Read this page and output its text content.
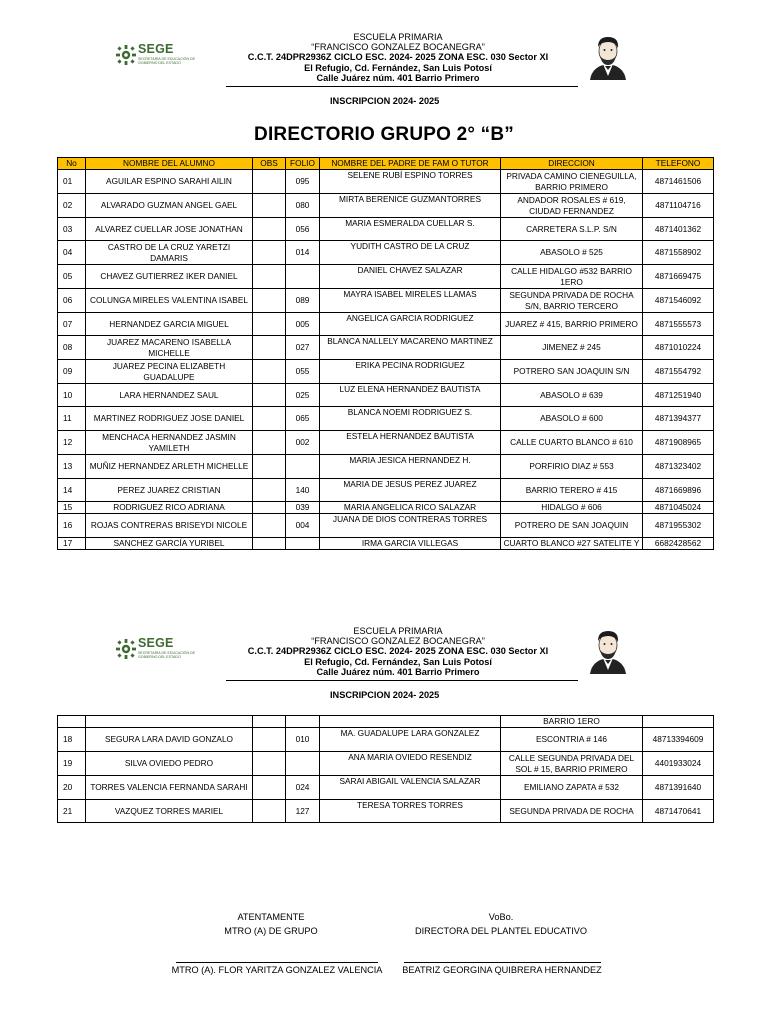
SEGE
SECRETARÍA DE EDUCACIÓN DE GOBIERNO DEL ESTADO
ESCUELA PRIMARIA
“FRANCISCO GONZALEZ BOCANEGRA”
C.C.T. 24DPR2936Z CICLO ESC. 2024- 2025 ZONA ESC. 030 Sector XI
El Refugio, Cd. Fernández, San Luis Potosí
Calle Juárez núm. 401 Barrio Primero
INSCRIPCION 2024- 2025
DIRECTORIO GRUPO 2° “B”
No	NOMBRE DEL ALUMNO	OBS	FOLIO	NOMBRE DEL PADRE DE FAM O TUTOR	DIRECCION	TELEFONO
01	AGUILAR ESPINO SARAHI AILIN		095	SELENE RUBÍ ESPINO TORRES	PRIVADA CAMINO CIENEGUILLA, BARRIO PRIMERO	4871461506
02	ALVARADO GUZMAN ANGEL GAEL		080	MIRTA BERENICE GUZMANTORRES	ANDADOR ROSALES # 619, CIUDAD FERNANDEZ	4871104716
03	ALVAREZ CUELLAR JOSE JONATHAN		056	MARIA ESMERALDA CUELLAR S.	CARRETERA S.L.P. S/N	4871401362
04	CASTRO DE LA CRUZ YARETZI DAMARIS		014	YUDITH CASTRO DE LA CRUZ	ABASOLO # 525	4871558902
05	CHAVEZ GUTIERREZ IKER DANIEL			DANIEL CHAVEZ SALAZAR	CALLE HIDALGO #532 BARRIO 1ERO	4871669475
06	COLUNGA MIRELES VALENTINA ISABEL		089	MAYRA ISABEL MIRELES LLAMAS	SEGUNDA PRIVADA DE ROCHA S/N, BARRIO TERCERO	4871546092
07	HERNANDEZ GARCIA MIGUEL		005	ANGELICA GARCIA RODRIGUEZ	JUAREZ # 415, BARRIO PRIMERO	4871555573
08	JUAREZ MACARENO ISABELLA MICHELLE		027	BLANCA NALLELY MACARENO MARTINEZ	JIMENEZ # 245	4871010224
09	JUAREZ PECINA ELIZABETH GUADALUPE		055	ERIKA PECINA RODRIGUEZ	POTRERO SAN JOAQUIN S/N	4871554792
10	LARA HERNANDEZ SAUL		025	LUZ ELENA HERNANDEZ BAUTISTA	ABASOLO # 639	4871251940
11	MARTINEZ RODRIGUEZ JOSE DANIEL		065	BLANCA NOEMI RODRIGUEZ S.	ABASOLO # 600	4871394377
12	MENCHACA HERNANDEZ JASMIN YAMILETH		002	ESTELA HERNANDEZ BAUTISTA	CALLE CUARTO BLANCO # 610	4871908965
13	MUÑIZ HERNANDEZ ARLETH MICHELLE			MARIA JESICA HERNANDEZ H.	PORFIRIO DIAZ # 553	4871323402
14	PEREZ JUAREZ CRISTIAN		140	MARIA DE JESUS PEREZ JUAREZ	BARRIO TERERO # 415	4871669896
15	RODRIGUEZ RICO ADRIANA		039	MARIA ANGELICA RICO SALAZAR	HIDALGO # 606	4871045024
16	ROJAS CONTRERAS BRISEYDI NICOLE		004	JUANA DE DIOS CONTRERAS TORRES	POTRERO DE SAN JOAQUIN	4871955302
17	SANCHEZ GARCÍA YURIBEL			IRMA GARCIA VILLEGAS	CUARTO BLANCO #27 SATELITE Y	6682428562
SEGE
SECRETARÍA DE EDUCACIÓN DE GOBIERNO DEL ESTADO
ESCUELA PRIMARIA
“FRANCISCO GONZALEZ BOCANEGRA”
C.C.T. 24DPR2936Z CICLO ESC. 2024- 2025 ZONA ESC. 030 Sector XI
El Refugio, Cd. Fernández, San Luis Potosí
Calle Juárez núm. 401 Barrio Primero
INSCRIPCION 2024- 2025
					BARRIO 1ERO	
18	SEGURA LARA DAVID GONZALO		010	MA. GUADALUPE LARA GONZALEZ	ESCONTRIA # 146	48713394609
19	SILVA OVIEDO PEDRO			ANA MARIA OVIEDO RESENDIZ	CALLE SEGUNDA PRIVADA DEL SOL # 15, BARRIO PRIMERO	4401933024
20	TORRES VALENCIA FERNANDA SARAHI		024	SARAI ABIGAIL VALENCIA SALAZAR	EMILIANO ZAPATA # 532	4871391640
21	VAZQUEZ TORRES MARIEL		127	TERESA TORRES TORRES	SEGUNDA PRIVADA DE ROCHA	4871470641
ATENTAMENTE
MTRO (A) DE GRUPO
MTRO (A). FLOR YARITZA GONZALEZ VALENCIA
VoBo.
DIRECTORA DEL PLANTEL EDUCATIVO
BEATRIZ GEORGINA QUIBRERA HERNANDEZ
